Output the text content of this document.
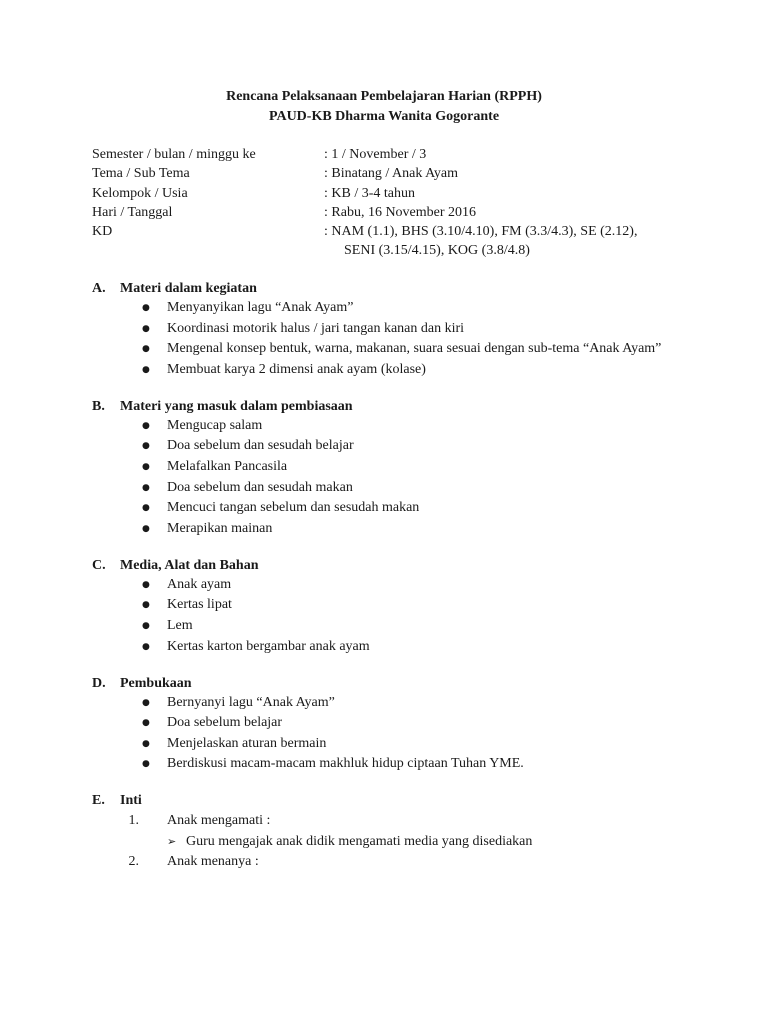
Rencana Pelaksanaan Pembelajaran Harian (RPPH)
PAUD-KB Dharma Wanita Gogorante
Semester / bulan / minggu ke	: 1 / November / 3
Tema / Sub Tema	: Binatang / Anak Ayam
Kelompok / Usia	: KB / 3-4 tahun
Hari / Tanggal	: Rabu, 16 November 2016
KD	: NAM (1.1), BHS (3.10/4.10), FM (3.3/4.3), SE (2.12),
SENI (3.15/4.15), KOG (3.8/4.8)
A.	Materi dalam kegiatan
● Menyanyikan lagu “Anak Ayam”
● Koordinasi motorik halus / jari tangan kanan dan kiri
● Mengenal konsep bentuk, warna, makanan, suara sesuai dengan sub-tema “Anak Ayam”
● Membuat karya 2 dimensi anak ayam (kolase)
B.	Materi yang masuk dalam pembiasaan
● Mengucap salam
● Doa sebelum dan sesudah belajar
● Melafalkan Pancasila
● Doa sebelum dan sesudah makan
● Mencuci tangan sebelum dan sesudah makan
● Merapikan mainan
C.	Media, Alat dan Bahan
● Anak ayam
● Kertas lipat
● Lem
● Kertas karton bergambar anak ayam
D.	Pembukaan
● Bernyanyi lagu “Anak Ayam”
● Doa sebelum belajar
● Menjelaskan aturan bermain
● Berdiskusi macam-macam makhluk hidup ciptaan Tuhan YME.
E.	Inti
1.	Anak mengamati :
➢ Guru mengajak anak didik mengamati media yang disediakan
2.	Anak menanya :
